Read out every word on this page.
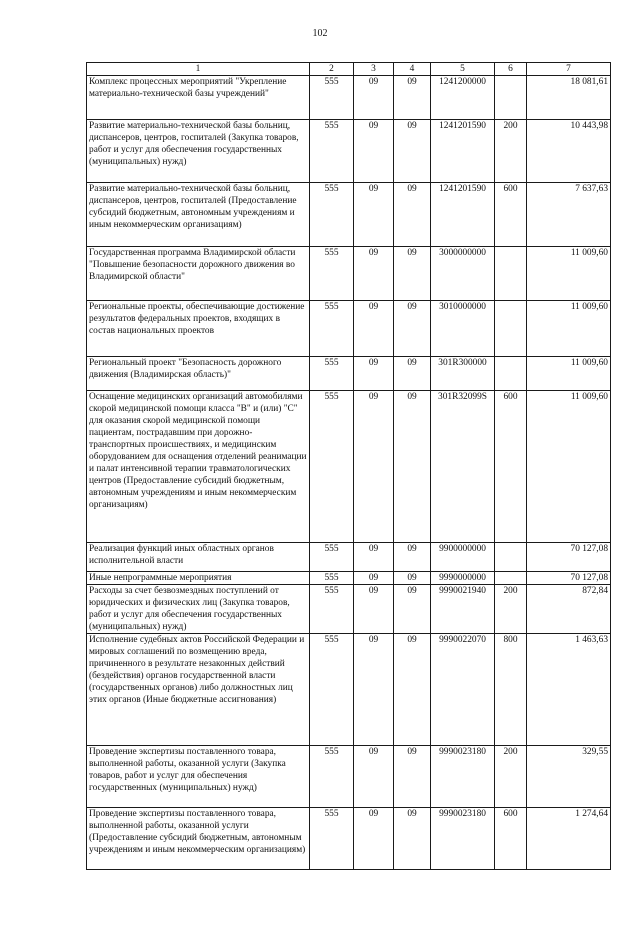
102
1	2	3	4	5	6	7
Комплекс процессных мероприятий "Укрепление материально-технической базы учреждений"	555	09	09	1241200000		18 081,61
Развитие материально-технической базы больниц, диспансеров, центров, госпиталей (Закупка товаров, работ и услуг для обеспечения государственных (муниципальных) нужд)	555	09	09	1241201590	200	10 443,98
Развитие материально-технической базы больниц, диспансеров, центров, госпиталей (Предоставление субсидий бюджетным, автономным учреждениям и иным некоммерческим организациям)	555	09	09	1241201590	600	7 637,63
Государственная программа Владимирской области "Повышение безопасности дорожного движения во Владимирской области"	555	09	09	3000000000		11 009,60
Региональные проекты, обеспечивающие достижение результатов федеральных проектов, входящих в состав национальных проектов	555	09	09	3010000000		11 009,60
Региональный проект "Безопасность дорожного движения (Владимирская область)"	555	09	09	301R300000		11 009,60
Оснащение медицинских организаций автомобилями скорой медицинской помощи класса "B" и (или) "C" для оказания скорой медицинской помощи пациентам, пострадавшим при дорожно-транспортных происшествиях, и медицинским оборудованием для оснащения отделений реанимации и палат интенсивной терапии травматологических центров (Предоставление субсидий бюджетным, автономным учреждениям и иным некоммерческим организациям)	555	09	09	301R32099S	600	11 009,60
Реализация функций иных областных органов исполнительной власти	555	09	09	9900000000		70 127,08
Иные непрограммные мероприятия	555	09	09	9990000000		70 127,08
Расходы за счет безвозмездных поступлений от юридических и физических лиц (Закупка товаров, работ и услуг для обеспечения государственных (муниципальных) нужд)	555	09	09	9990021940	200	872,84
Исполнение судебных актов Российской Федерации и мировых соглашений по возмещению вреда, причиненного в результате незаконных действий (бездействия) органов государственной власти (государственных органов) либо должностных лиц этих органов (Иные бюджетные ассигнования)	555	09	09	9990022070	800	1 463,63
Проведение экспертизы поставленного товара, выполненной работы, оказанной услуги (Закупка товаров, работ и услуг для обеспечения государственных (муниципальных) нужд)	555	09	09	9990023180	200	329,55
Проведение экспертизы поставленного товара, выполненной работы, оказанной услуги (Предоставление субсидий бюджетным, автономным учреждениям и иным некоммерческим организациям)	555	09	09	9990023180	600	1 274,64
